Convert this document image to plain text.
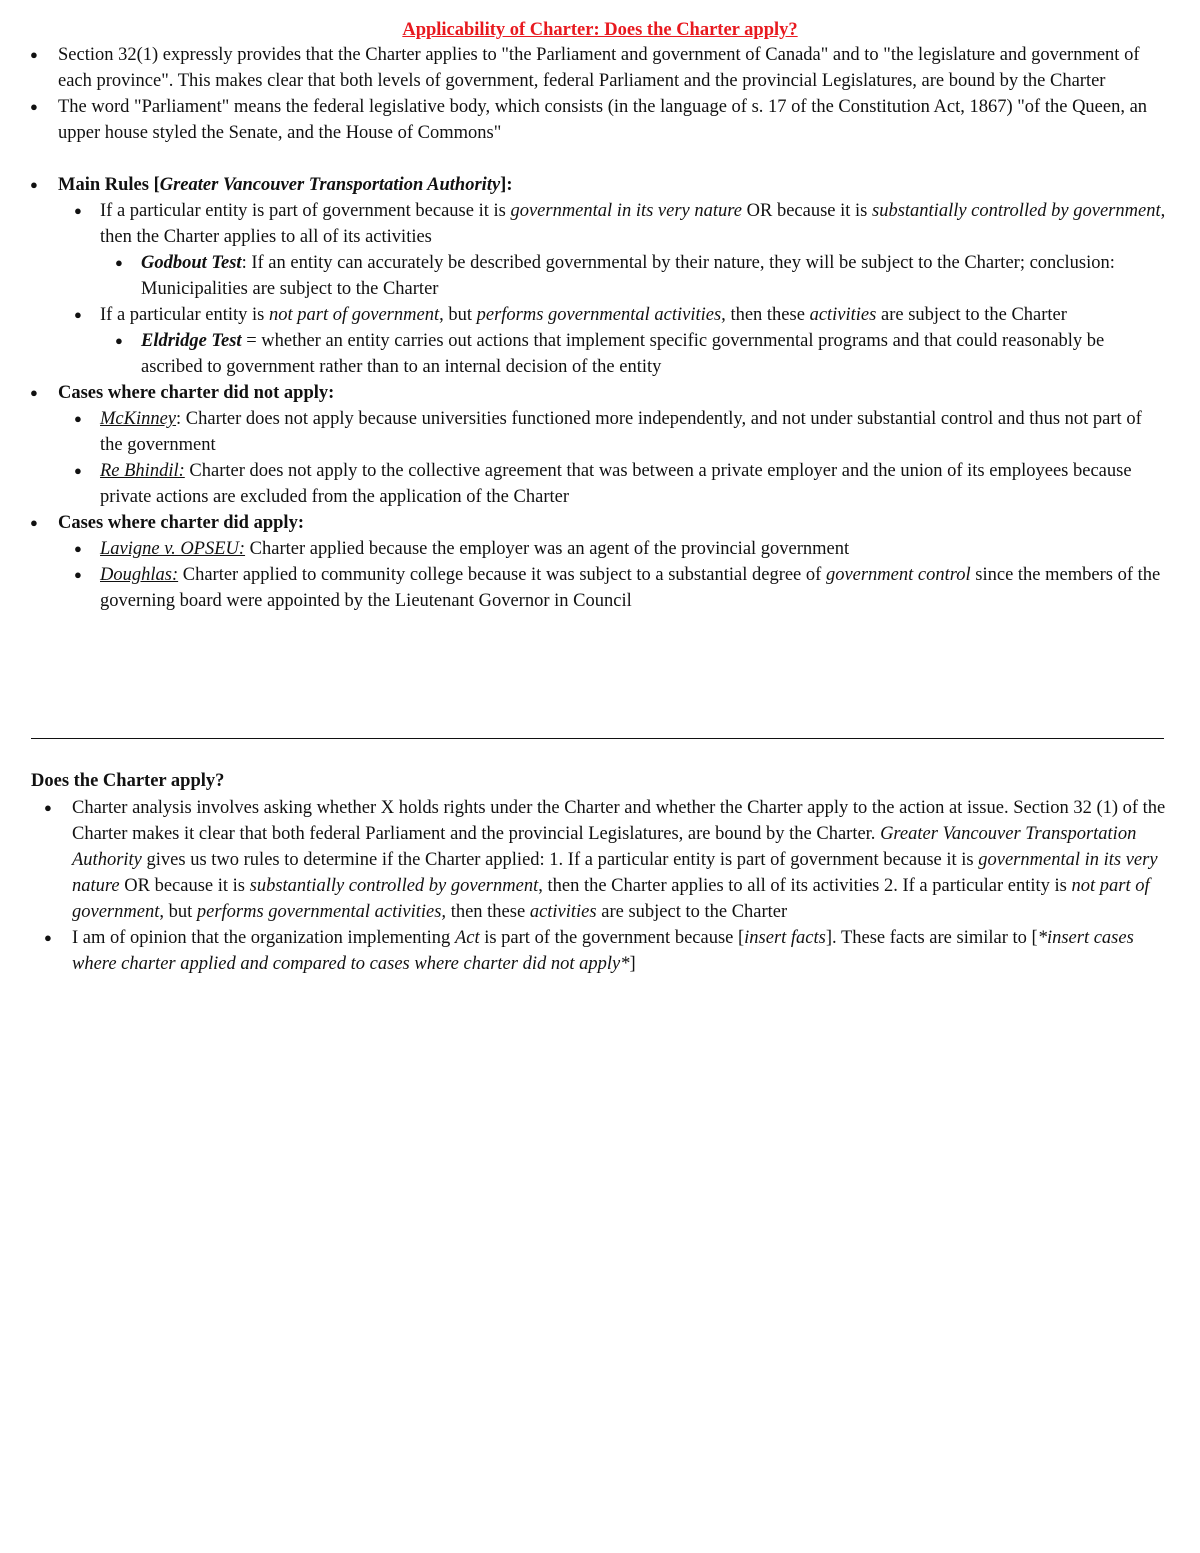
Applicability of Charter: Does the Charter apply?
● Section 32(1) expressly provides that the Charter applies to "the Parliament and government of Canada" and to "the legislature and government of each province". This makes clear that both levels of government, federal Parliament and the provincial Legislatures, are bound by the Charter
● The word "Parliament" means the federal legislative body, which consists (in the language of s. 17 of the Constitution Act, 1867) "of the Queen, an upper house styled the Senate, and the House of Commons"
● Main Rules [Greater Vancouver Transportation Authority]:
● If a particular entity is part of government because it is governmental in its very nature OR because it is substantially controlled by government, then the Charter applies to all of its activities
● Godbout Test: If an entity can accurately be described governmental by their nature, they will be subject to the Charter; conclusion: Municipalities are subject to the Charter
● If a particular entity is not part of government, but performs governmental activities, then these activities are subject to the Charter
● Eldridge Test = whether an entity carries out actions that implement specific governmental programs and that could reasonably be ascribed to government rather than to an internal decision of the entity
● Cases where charter did not apply:
● McKinney: Charter does not apply because universities functioned more independently, and not under substantial control and thus not part of the government
● Re Bhindil: Charter does not apply to the collective agreement that was between a private employer and the union of its employees because private actions are excluded from the application of the Charter
● Cases where charter did apply:
● Lavigne v. OPSEU: Charter applied because the employer was an agent of the provincial government
● Doughlas: Charter applied to community college because it was subject to a substantial degree of government control since the members of the governing board were appointed by the Lieutenant Governor in Council
Does the Charter apply?
● Charter analysis involves asking whether X holds rights under the Charter and whether the Charter apply to the action at issue. Section 32 (1) of the Charter makes it clear that both federal Parliament and the provincial Legislatures, are bound by the Charter. Greater Vancouver Transportation Authority gives us two rules to determine if the Charter applied: 1. If a particular entity is part of government because it is governmental in its very nature OR because it is substantially controlled by government, then the Charter applies to all of its activities 2. If a particular entity is not part of government, but performs governmental activities, then these activities are subject to the Charter
● I am of opinion that the organization implementing Act is part of the government because [insert facts]. These facts are similar to [*insert cases where charter applied and compared to cases where charter did not apply*]
